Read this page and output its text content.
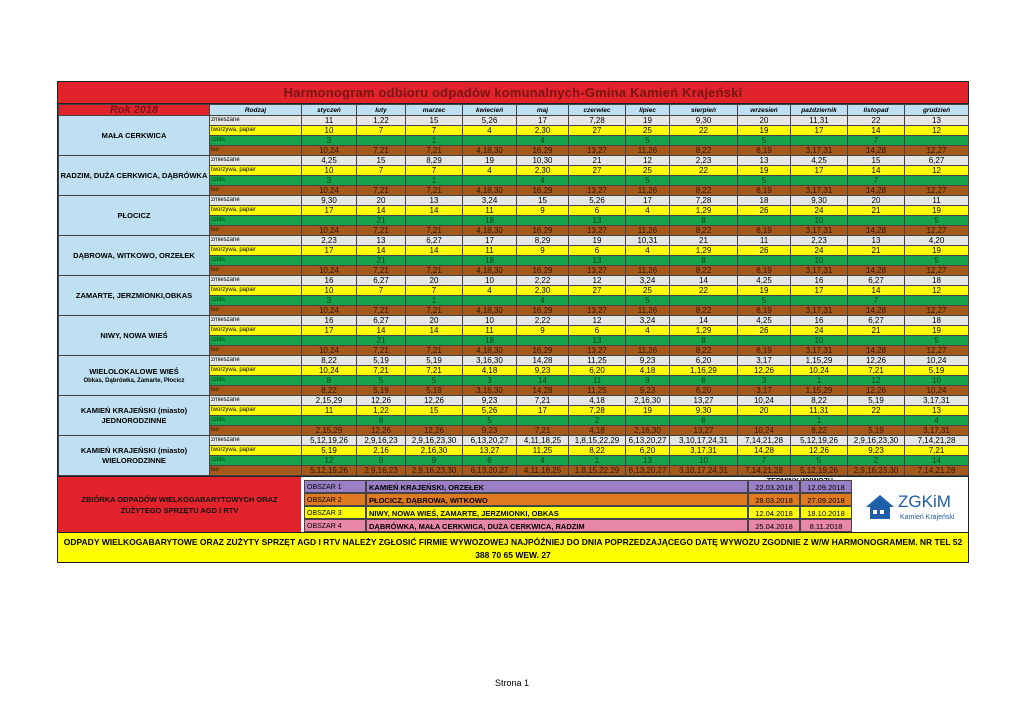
Harmonogram odbioru odpadów komunalnych-Gmina Kamień Krajeński
Rok 2018	Rodzaj	styczeń	luty	marzec	kwiecień	maj	czerwiec	lipiec	sierpień	wrzesień	październik	listopad	grudzień
MAŁA CERKWICA	zmieszane	11	1,22	15	5,26	17	7,28	19	9,30	20	11,31	22	13
	tworzywa, papier	10	7	7	4	2,30	27	25	22	19	17	14	12
	szkło	3		1		4		5		5		7	
	bio	10,24	7,21	7,21	4,18,30	16,29	13,27	11,26	8,22	6,19	3,17,31	14,28	12,27
RADZIM, DUŻA CERKWICA, DĄBRÓWKA	zmieszane	4,25	15	8,29	19	10,30	21	12	2,23	13	4,25	15	6,27
	tworzywa, papier	10	7	7	4	2,30	27	25	22	19	17	14	12
	szkło	3		1		4		5		5		7	
	bio	10,24	7,21	7,21	4,18,30	16,29	13,27	11,26	8,22	6,19	3,17,31	14,28	12,27
PŁOCICZ	zmieszane	9,30	20	13	3,24	15	5,26	17	7,28	18	9,30	20	11
	tworzywa, papier	17	14	14	11	9	6	4	1,29	26	24	21	19
	szkło		21		18		13		8		10		5
	bio	10,24	7,21	7,21	4,18,30	16,29	13,27	11,26	8,22	6,19	3,17,31	14,28	12,27
DĄBROWA, WITKOWO, ORZEŁEK	zmieszane	2,23	13	6,27	17	8,29	19	10,31	21	11	2,23	13	4,20
	tworzywa, papier	17	14	14	11	9	6	4	1,29	26	24	21	19
	szkło		21		18		13		8		10		5
	bio	10,24	7,21	7,21	4,18,30	16,29	13,27	11,26	8,22	6,19	3,17,31	14,28	12,27
ZAMARTE, JERZMIONKI,OBKAS	zmieszane	16	6,27	20	10	2,22	12	3,24	14	4,25	16	6,27	18
	tworzywa, papier	10	7	7	4	2,30	27	25	22	19	17	14	12
	szkło	3		1		4		5		5		7	
	bio	10,24	7,21	7,21	4,18,30	16,29	13,27	11,26	8,22	6,19	3,17,31	14,28	12,27
NIWY, NOWA WIEŚ	zmieszane	16	6,27	20	10	2,22	12	3,24	14	4,25	16	6,27	18
	tworzywa, papier	17	14	14	11	9	6	4	1,29	26	24	21	19
	szkło		21		18		13		8		10		5
	bio	10,24	7,21	7,21	4,18,30	16,29	13,27	11,26	8,22	6,19	3,17,31	14,28	12,27
WIELOLOKALOWE WIEŚ
Obkas, Dąbrówka, Zamarte, Płocicz	zmieszane	8,22	5,19	5,19	3,16,30	14,28	11,25	9,23	6,20	3,17	1,15,29	12,26	10,24
	tworzywa, papier	10,24	7,21	7,21	4,18	9,23	6,20	4,18	1,16,29	12,26	10,24	7,21	5,19
	szkło	8	5	5	3	14	11	9	6	3	1	12	10
	bio	8,22	5,19	5,19	3,16,30	14,28	11,25	9,23	6,20	3,17	1,15,29	12,26	10,24
KAMIEŃ KRAJEŃSKI (miasto) JEDNORODZINNE	zmieszane	2,15,29	12,26	12,26	9,23	7,21	4,18	2,16,30	13,27	10,24	8,22	5,19	3,17,31
	tworzywa, papier	11	1,22	15	5,26	17	7,28	19	9,30	20	11,31	22	13
	szkło		8		5		2		6		1		4
	bio	2,15,29	12,26	12,26	9,23	7,21	4,18	2,16,30	13,27	10,24	8,22	5,19	3,17,31
KAMIEŃ KRAJEŃSKI (miasto) WIELORODZINNE	zmieszane	5,12,19,26	2,9,16,23	2,9,16,23,30	6,13,20,27	4,11,18,25	1,8,15,22,29	6,13,20,27	3,10,17,24,31	7,14,21,28	5,12,19,26	2,9,16,23,30	7,14,21,28
	tworzywa, papier	5,19	2,16	2,16,30	13,27	11,25	8,22	6,20	3,17,31	14,28	12,26	9,23	7,21
	szkło	12	9	9	6	4	1	13	10	7	5	2	14
	bio	5,12,19,26	2,9,16,23	2,9,16,23,30	6,13,20,27	4,11,18,25	1,8,15,22,29	6,13,20,27	3,10,17,24,31	7,14,21,28	5,12,19,26	2,9,16,23,30	7,14,21,28
ZBIÓRKA ODPADÓW WIELKOGABARYTOWYCH ORAZ ZUŻYTEGO SPRZĘTU AGD I RTV
OBSZAR 1	KAMIEŃ KRAJEŃSKI, ORZEŁEK	22.03.2018	12.09.2018
OBSZAR 2	PŁOCICZ, DĄBROWA, WITKOWO	28.03.2018	27.09.2018
OBSZAR 3	NIWY, NOWA WIEŚ, ZAMARTE, JERZMIONKI, OBKAS	12.04.2018	18.10.2018
OBSZAR 4	DĄBRÓWKA, MAŁA CERKWICA, DUŻA CERKWICA, RADZIM	25.04.2018	8.11.2018
ZGKiM
Kamień Krajeński
ODPADY WIELKOGABARYTOWE ORAZ ZUŻYTY SPRZĘT AGD I RTV NALEŻY ZGŁOSIĆ FIRMIE WYWOZOWEJ NAJPÓŹNIEJ DO DNIA POPRZEDZAJĄCEGO DATĘ WYWOZU ZGODNIE Z W/W HARMONOGRAMEM. NR TEL 52 388 70 65 WEW. 27
Strona 1
